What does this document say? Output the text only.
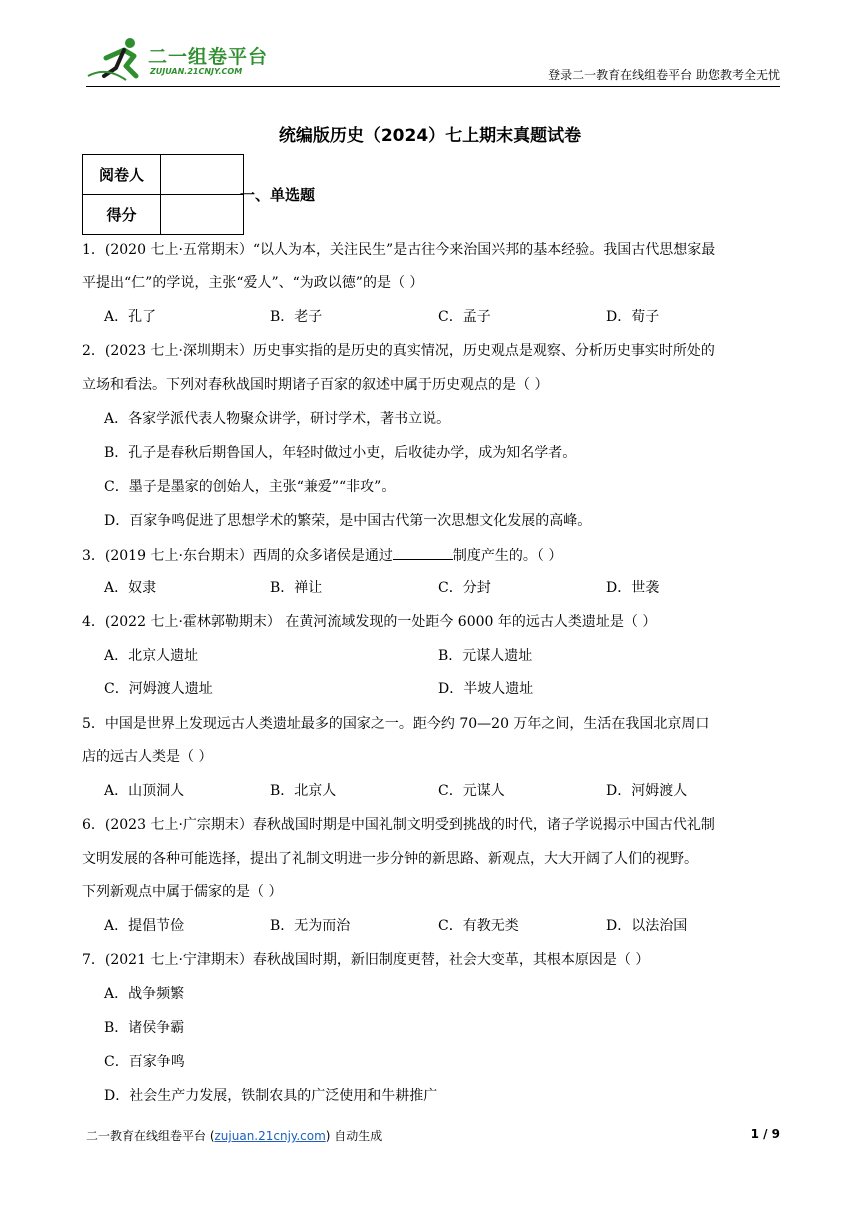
二一组卷平台
ZUJUAN.21CNJY.COM	登录二一教育在线组卷平台 助您教考全无忧
统编版历史（2024）七上期末真题试卷
阅卷人	
得分	
一、单选题
1．(2020 七上·五常期末）“以人为本，关注民生”是古往今来治国兴邦的基本经验。我国古代思想家最
平提出“仁”的学说，主张“爱人”、“为政以德”的是（ ）
A．孔了	B．老子	C．孟子	D．荀子
2．(2023 七上·深圳期末）历史事实指的是历史的真实情况，历史观点是观察、分析历史事实时所处的
立场和看法。下列对春秋战国时期诸子百家的叙述中属于历史观点的是（ ）
A．各家学派代表人物聚众讲学，研讨学术，著书立说。
B．孔子是春秋后期鲁国人，年轻时做过小吏，后收徒办学，成为知名学者。
C．墨子是墨家的创始人，主张“兼爱”“非攻”。
D．百家争鸣促进了思想学术的繁荣，是中国古代第一次思想文化发展的高峰。
3．(2019 七上·东台期末）西周的众多诸侯是通过	制度产生的。（ ）
A．奴隶	B．禅让	C．分封	D．世袭
4．(2022 七上·霍林郭勒期末） 在黄河流域发现的一处距今 6000 年的远古人类遗址是（ ）
A．北京人遗址	B．元谋人遗址
C．河姆渡人遗址	D．半坡人遗址
5．中国是世界上发现远古人类遗址最多的国家之一。距今约 70—20 万年之间，生活在我国北京周口
店的远古人类是（ ）
A．山顶洞人	B．北京人	C．元谋人	D．河姆渡人
6．(2023 七上·广宗期末）春秋战国时期是中国礼制文明受到挑战的时代，诸子学说揭示中国古代礼制
文明发展的各种可能选择，提出了礼制文明进一步分钟的新思路、新观点，大大开阔了人们的视野。
下列新观点中属于儒家的是（ ）
A．提倡节俭	B．无为而治	C．有教无类	D．以法治国
7．(2021 七上·宁津期末）春秋战国时期，新旧制度更替，社会大变革，其根本原因是（ ）
A．战争频繁
B．诸侯争霸
C．百家争鸣
D．社会生产力发展，铁制农具的广泛使用和牛耕推广
二一教育在线组卷平台 (zujuan.21cnjy.com) 自动生成	1 / 9
